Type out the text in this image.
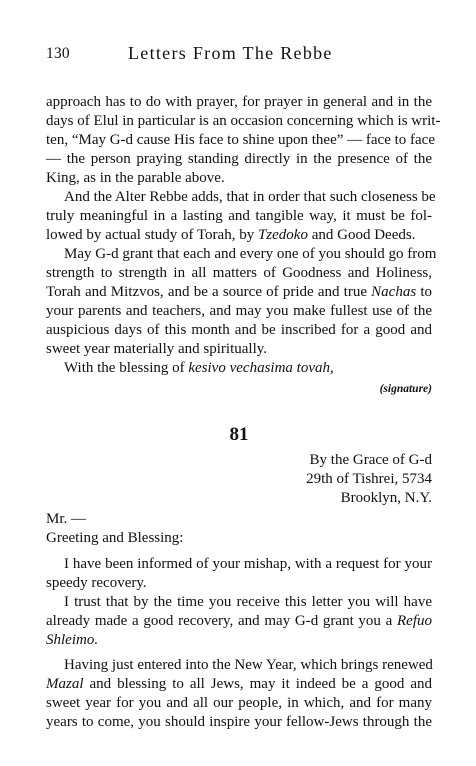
130	Letters From The Rebbe
approach has to do with prayer, for prayer in general and in the
days of Elul in particular is an occasion concerning which is writ-
ten, “May G-d cause His face to shine upon thee” — face to face
— the person praying standing directly in the presence of the
King, as in the parable above.
And the Alter Rebbe adds, that in order that such closeness be
truly meaningful in a lasting and tangible way, it must be fol-
lowed by actual study of Torah, by Tzedoko and Good Deeds.
May G-d grant that each and every one of you should go from
strength to strength in all matters of Goodness and Holiness,
Torah and Mitzvos, and be a source of pride and true Nachas to
your parents and teachers, and may you make fullest use of the
auspicious days of this month and be inscribed for a good and
sweet year materially and spiritually.
With the blessing of kesivo vechasima tovah,
(signature)
81
By the Grace of G-d
29th of Tishrei, 5734
Brooklyn, N.Y.
Mr. —
Greeting and Blessing:
I have been informed of your mishap, with a request for your
speedy recovery.
I trust that by the time you receive this letter you will have
already made a good recovery, and may G-d grant you a Refuo
Shleimo.
Having just entered into the New Year, which brings renewed
Mazal and blessing to all Jews, may it indeed be a good and
sweet year for you and all our people, in which, and for many
years to come, you should inspire your fellow-Jews through the
